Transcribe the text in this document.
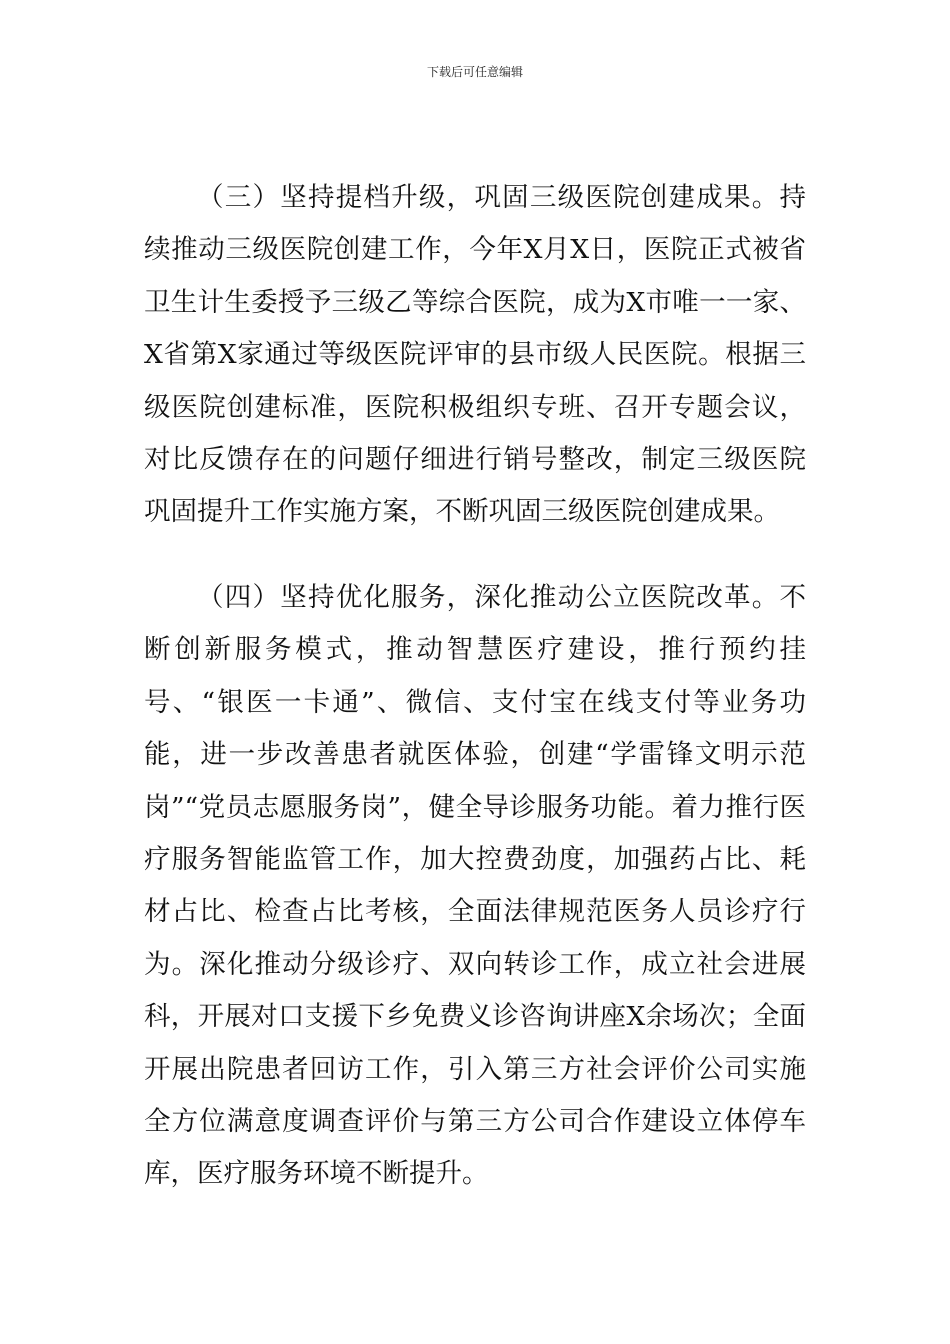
下载后可任意编辑

（三）坚持提档升级，巩固三级医院创建成果。持续推动三级医院创建工作，今年X月X日，医院正式被省卫生计生委授予三级乙等综合医院，成为X市唯一一家、X省第X家通过等级医院评审的县市级人民医院。根据三级医院创建标准，医院积极组织专班、召开专题会议，对比反馈存在的问题仔细进行销号整改，制定三级医院巩固提升工作实施方案，不断巩固三级医院创建成果。

（四）坚持优化服务，深化推动公立医院改革。不断创新服务模式，推动智慧医疗建设，推行预约挂号、“银医一卡通”、微信、支付宝在线支付等业务功能，进一步改善患者就医体验，创建“学雷锋文明示范岗”“党员志愿服务岗”，健全导诊服务功能。着力推行医疗服务智能监管工作，加大控费劲度，加强药占比、耗材占比、检查占比考核，全面法律规范医务人员诊疗行为。深化推动分级诊疗、双向转诊工作，成立社会进展科，开展对口支援下乡免费义诊咨询讲座X余场次；全面开展出院患者回访工作，引入第三方社会评价公司实施全方位满意度调查评价与第三方公司合作建设立体停车库，医疗服务环境不断提升。
